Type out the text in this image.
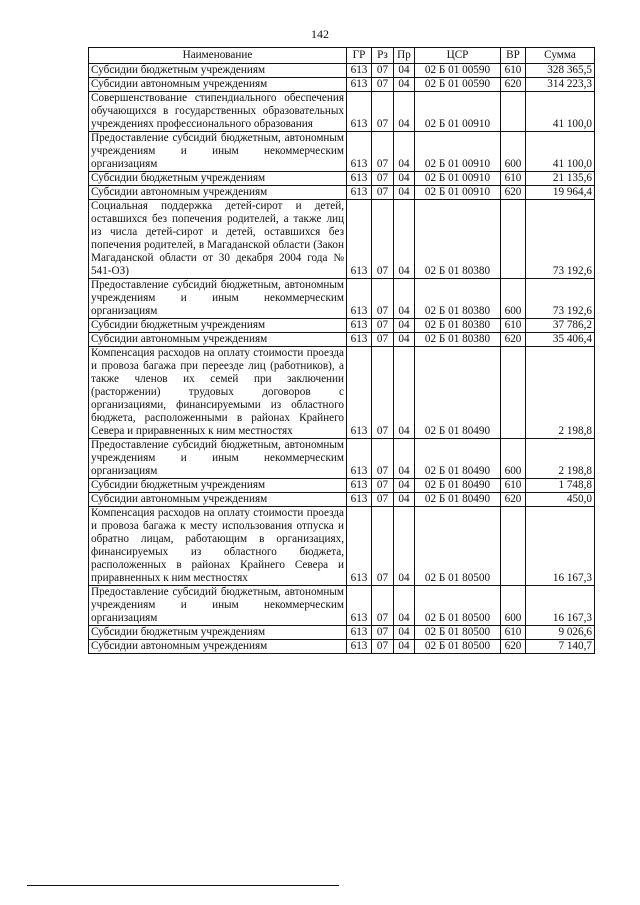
142
Наименование	ГР	Рз	Пр	ЦСР	ВР	Сумма
Субсидии бюджетным учреждениям	613	07	04	02 Б 01 00590	610	328 365,5
Субсидии автономным учреждениям	613	07	04	02 Б 01 00590	620	314 223,3
Совершенствование стипендиального обеспечения обучающихся в государственных образовательных учреждениях профессионального образования	613	07	04	02 Б 01 00910		41 100,0
Предоставление субсидий бюджетным, автономным учреждениям и иным некоммерческим организациям	613	07	04	02 Б 01 00910	600	41 100,0
Субсидии бюджетным учреждениям	613	07	04	02 Б 01 00910	610	21 135,6
Субсидии автономным учреждениям	613	07	04	02 Б 01 00910	620	19 964,4
Социальная поддержка детей-сирот и детей, оставшихся без попечения родителей, а также лиц из числа детей-сирот и детей, оставшихся без попечения родителей, в Магаданской области (Закон Магаданской области от 30 декабря 2004 года № 541-ОЗ)	613	07	04	02 Б 01 80380		73 192,6
Предоставление субсидий бюджетным, автономным учреждениям и иным некоммерческим организациям	613	07	04	02 Б 01 80380	600	73 192,6
Субсидии бюджетным учреждениям	613	07	04	02 Б 01 80380	610	37 786,2
Субсидии автономным учреждениям	613	07	04	02 Б 01 80380	620	35 406,4
Компенсация расходов на оплату стоимости проезда и провоза багажа при переезде лиц (работников), а также членов их семей при заключении (расторжении) трудовых договоров с организациями, финансируемыми из областного бюджета, расположенными в районах Крайнего Севера и приравненных к ним местностях	613	07	04	02 Б 01 80490		2 198,8
Предоставление субсидий бюджетным, автономным учреждениям и иным некоммерческим организациям	613	07	04	02 Б 01 80490	600	2 198,8
Субсидии бюджетным учреждениям	613	07	04	02 Б 01 80490	610	1 748,8
Субсидии автономным учреждениям	613	07	04	02 Б 01 80490	620	450,0
Компенсация расходов на оплату стоимости проезда и провоза багажа к месту использования отпуска и обратно лицам, работающим в организациях, финансируемых из областного бюджета, расположенных в районах Крайнего Севера и приравненных к ним местностях	613	07	04	02 Б 01 80500		16 167,3
Предоставление субсидий бюджетным, автономным учреждениям и иным некоммерческим организациям	613	07	04	02 Б 01 80500	600	16 167,3
Субсидии бюджетным учреждениям	613	07	04	02 Б 01 80500	610	9 026,6
Субсидии автономным учреждениям	613	07	04	02 Б 01 80500	620	7 140,7
